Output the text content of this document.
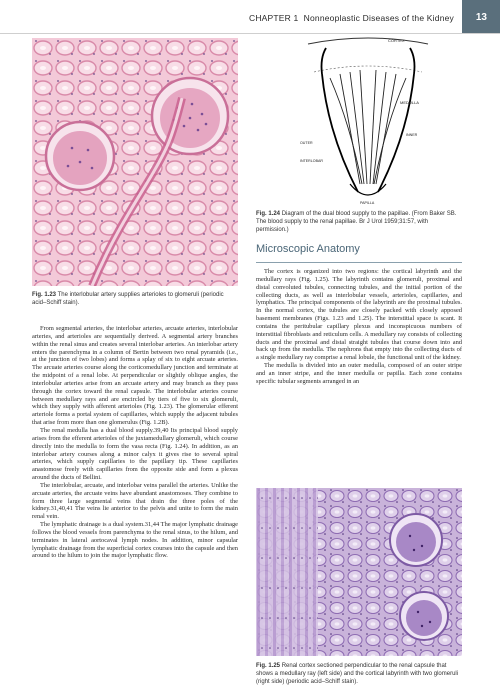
CHAPTER 1 Nonneoplastic Diseases of the Kidney 13
Fig. 1.23 The interlobular artery supplies arterioles to glomeruli (periodic acid–Schiff stain).
CORTEX
MEDULLA
INTERLOBAR
OUTER
INNER
PAPILLA
Fig. 1.24 Diagram of the dual blood supply to the papillae. (From Baker SB. The blood supply to the renal papillae. Br J Urol 1959;31:57, with permission.)
Microscopic Anatomy

From segmental arteries, the interlobar arteries, arcuate arteries, interlobular arteries, and arterioles are sequentially derived. A segmental artery branches within the renal sinus and creates several interlobar arteries. An interlobar artery enters the parenchyma in a column of Bertin between two renal pyramids (i.e., at the junction of two lobes) and forms a splay of six to eight arcuate arteries. The arcuate arteries course along the corticomedullary junction and terminate at the midpoint of a renal lobe. At perpendicular or slightly oblique angles, the interlobular arteries arise from an arcuate artery and may branch as they pass through the cortex toward the renal capsule. The interlobular arteries course between medullary rays and are encircled by tiers of five to six glomeruli, which they supply with afferent arterioles (Fig. 1.23). The glomerular efferent arteriole forms a portal system of capillaries, which supply the adjacent tubules that arise from more than one glomerulus (Fig. 1.2B).

The renal medulla has a dual blood supply.39,40 Its principal blood supply arises from the efferent arterioles of the juxtamedullary glomeruli, which course directly into the medulla to form the vasa recta (Fig. 1.24). In addition, as an interlobar artery courses along a minor calyx it gives rise to several spiral arteries, which supply capillaries to the papillary tip. These capillaries anastomose freely with capillaries from the opposite side and form a plexus around the ducts of Bellini.

The interlobular, arcuate, and interlobar veins parallel the arteries. Unlike the arcuate arteries, the arcuate veins have abundant anastomoses. They combine to form three large segmental veins that drain the three poles of the kidney.31,40,41 The veins lie anterior to the pelvis and unite to form the main renal vein.

The lymphatic drainage is a dual system.31,44 The major lymphatic drainage follows the blood vessels from parenchyma to the renal sinus, to the hilum, and terminates in lateral aortocaval lymph nodes. In addition, minor capsular lymphatic drainage from the superficial cortex courses into the capsule and then around to the hilum to join the major lymphatic flow.

The cortex is organized into two regions: the cortical labyrinth and the medullary rays (Fig. 1.25). The labyrinth contains glomeruli, proximal and distal convoluted tubules, connecting tubules, and the initial portion of the collecting ducts, as well as interlobular vessels, arterioles, capillaries, and lymphatics. The principal components of the labyrinth are the proximal tubules. In the normal cortex, the tubules are closely packed with closely apposed basement membranes (Figs. 1.23 and 1.25). The interstitial space is scant. It contains the peritubular capillary plexus and inconspicuous numbers of interstitial fibroblasts and reticulum cells. A medullary ray consists of collecting ducts and the proximal and distal straight tubules that course down into and back up from the medulla. The nephrons that empty into the collecting ducts of a single medullary ray comprise a renal lobule, the functional unit of the kidney.

The medulla is divided into an outer medulla, composed of an outer stripe and an inner stripe, and the inner medulla or papilla. Each zone contains specific tubular segments arranged in an

Fig. 1.25 Renal cortex sectioned perpendicular to the renal capsule that shows a medullary ray (left side) and the cortical labyrinth with two glomeruli (right side) (periodic acid–Schiff stain).
